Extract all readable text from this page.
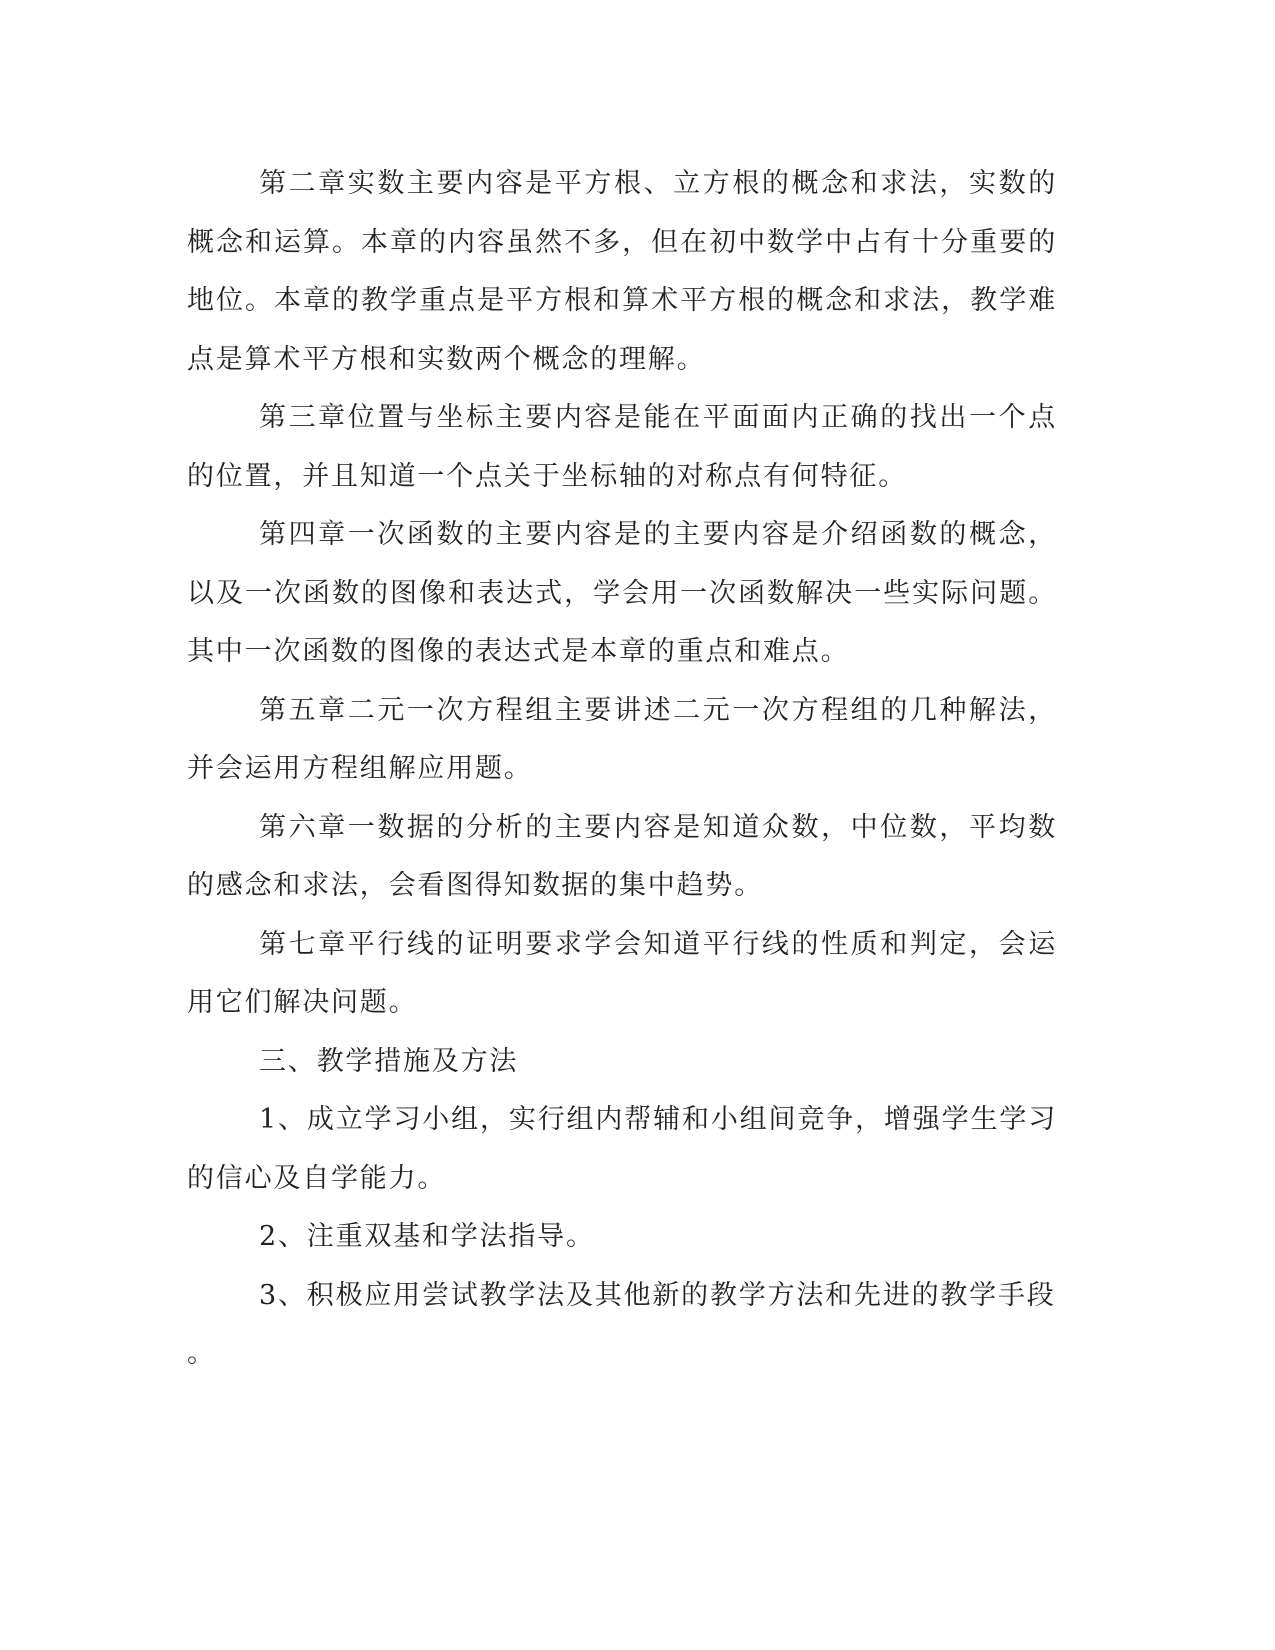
第二章实数主要内容是平方根、立方根的概念和求法，实数的概念和运算。本章的内容虽然不多，但在初中数学中占有十分重要的地位。本章的教学重点是平方根和算术平方根的概念和求法，教学难点是算术平方根和实数两个概念的理解。

第三章位置与坐标主要内容是能在平面面内正确的找出一个点的位置，并且知道一个点关于坐标轴的对称点有何特征。

第四章一次函数的主要内容是的主要内容是介绍函数的概念，以及一次函数的图像和表达式，学会用一次函数解决一些实际问题。其中一次函数的图像的表达式是本章的重点和难点。

第五章二元一次方程组主要讲述二元一次方程组的几种解法，并会运用方程组解应用题。

第六章一数据的分析的主要内容是知道众数，中位数，平均数的感念和求法，会看图得知数据的集中趋势。

第七章平行线的证明要求学会知道平行线的性质和判定，会运用它们解决问题。

三、教学措施及方法

1、成立学习小组，实行组内帮辅和小组间竞争，增强学生学习的信心及自学能力。

2、注重双基和学法指导。

3、积极应用尝试教学法及其他新的教学方法和先进的教学手段

。
